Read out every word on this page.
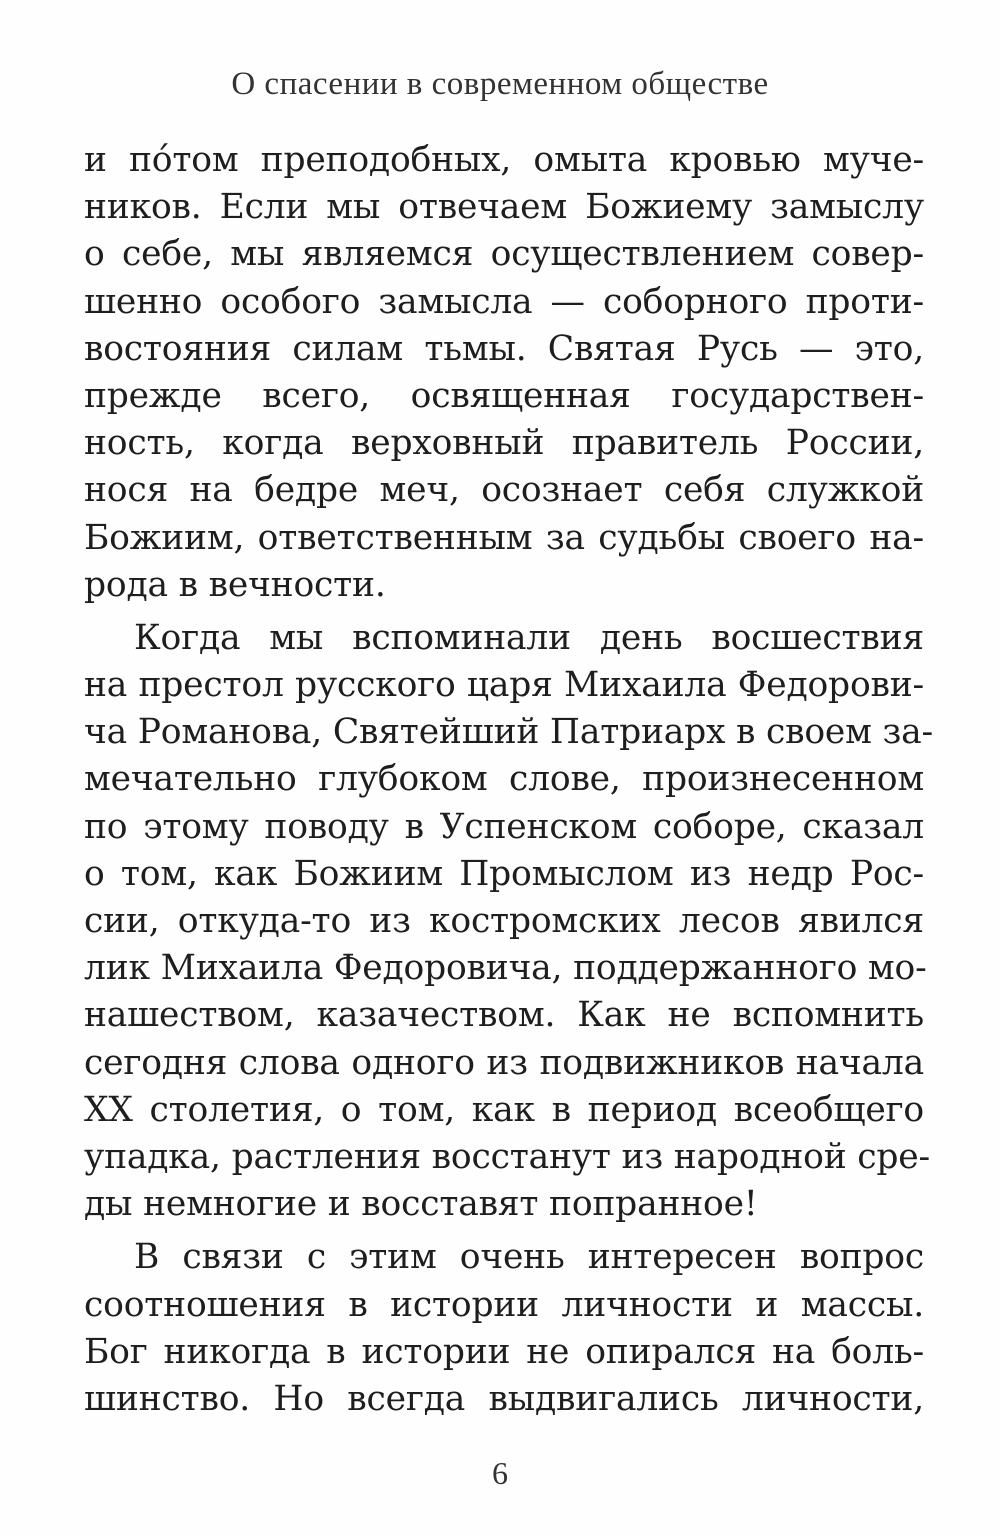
О спасении в современном обществе
и пóтом преподобных, омыта кровью муче-
ников. Если мы отвечаем Божиему замыслу
о себе, мы являемся осуществлением совер-
шенно особого замысла — соборного проти-
востояния силам тьмы. Святая Русь — это,
прежде всего, освященная государствен-
ность, когда верховный правитель России,
нося на бедре меч, осознает себя служкой
Божиим, ответственным за судьбы своего на-
рода в вечности.
Когда мы вспоминали день восшествия
на престол русского царя Михаила Федорови-
ча Романова, Святейший Патриарх в своем за-
мечательно глубоком слове, произнесенном
по этому поводу в Успенском соборе, сказал
о том, как Божиим Промыслом из недр Рос-
сии, откуда-то из костромских лесов явился
лик Михаила Федоровича, поддержанного мо-
нашеством, казачеством. Как не вспомнить
сегодня слова одного из подвижников начала
XX столетия, о том, как в период всеобщего
упадка, растления восстанут из народной сре-
ды немногие и восставят попранное!
В связи с этим очень интересен вопрос
соотношения в истории личности и массы.
Бог никогда в истории не опирался на боль-
шинство. Но всегда выдвигались личности,
6
